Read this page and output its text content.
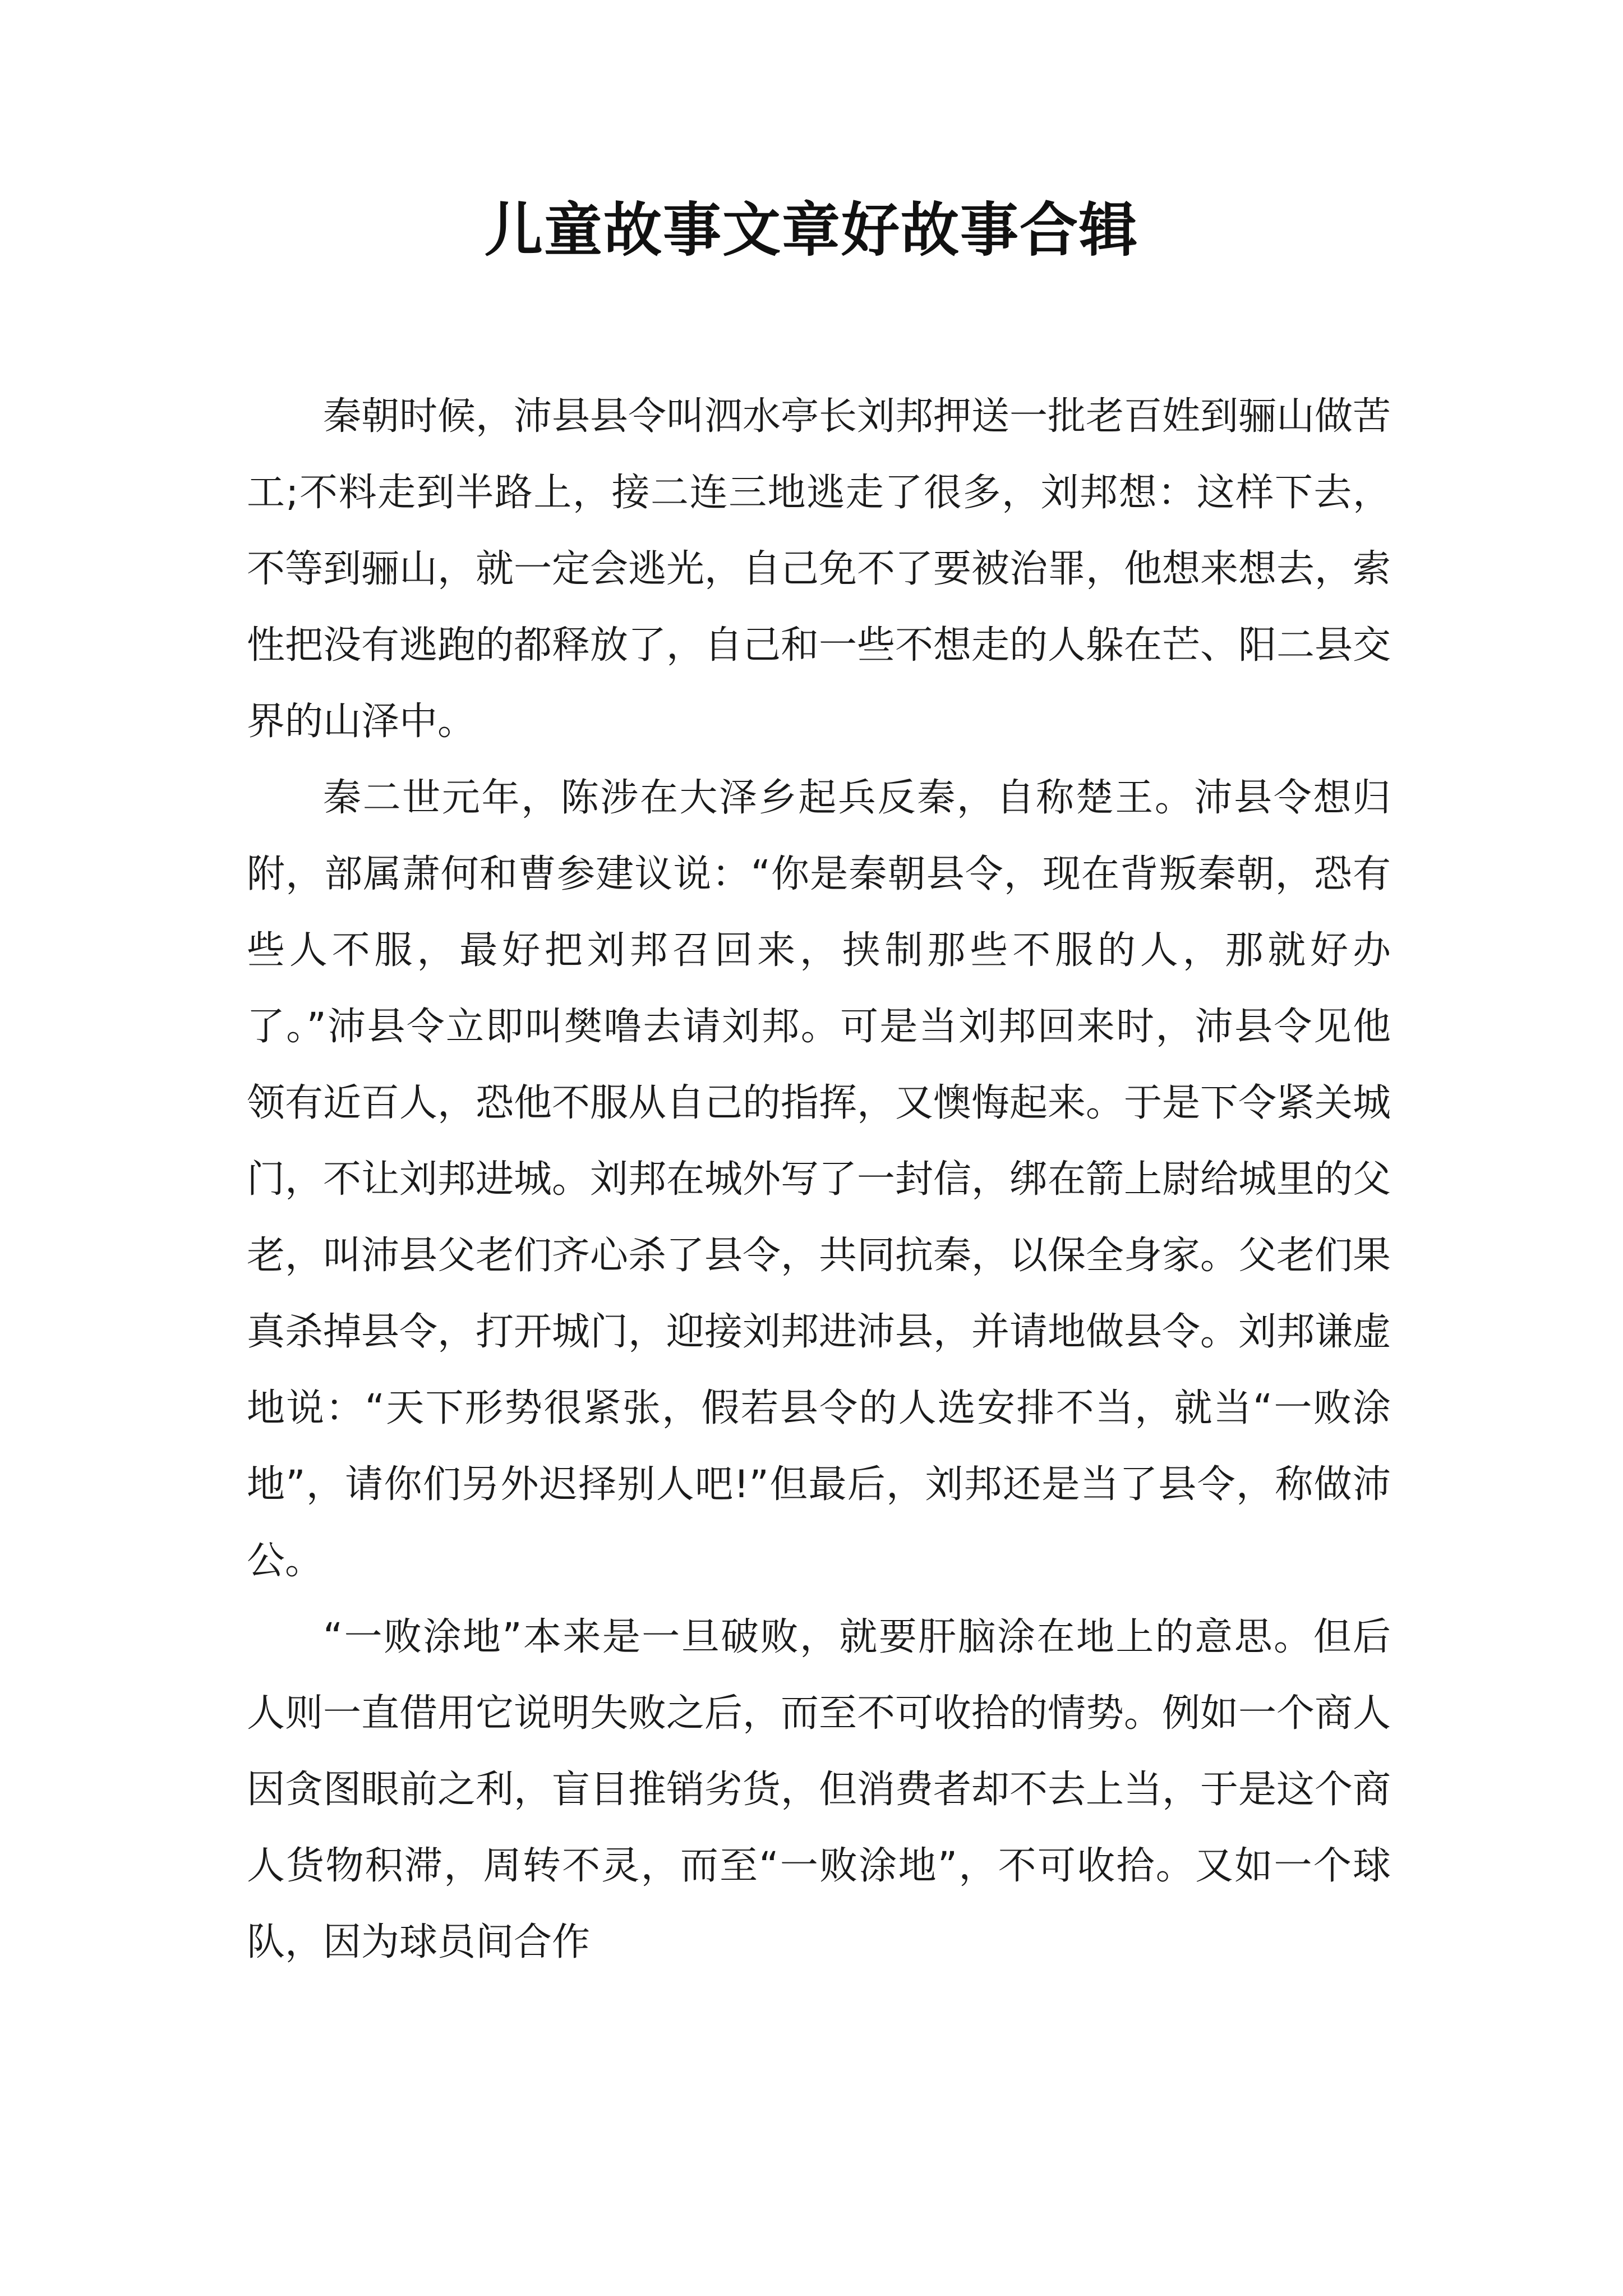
儿童故事文章好故事合辑

秦朝时候，沛县县令叫泗水亭长刘邦押送一批老百姓到骊山做苦工;不料走到半路上，接二连三地逃走了很多，刘邦想：这样下去，不等到骊山，就一定会逃光，自己免不了要被治罪，他想来想去，索性把没有逃跑的都释放了，自己和一些不想走的人躲在芒、阳二县交界的山泽中。

秦二世元年，陈涉在大泽乡起兵反秦，自称楚王。沛县令想归附，部属萧何和曹参建议说：“你是秦朝县令，现在背叛秦朝，恐有些人不服，最好把刘邦召回来，挟制那些不服的人，那就好办了。”沛县令立即叫樊噜去请刘邦。可是当刘邦回来时，沛县令见他领有近百人，恐他不服从自己的指挥，又懊悔起来。于是下令紧关城门，不让刘邦进城。刘邦在城外写了一封信，绑在箭上尉给城里的父老，叫沛县父老们齐心杀了县令，共同抗秦，以保全身家。父老们果真杀掉县令，打开城门，迎接刘邦进沛县，并请地做县令。刘邦谦虚地说：“天下形势很紧张，假若县令的人选安排不当，就当“一败涂地”，请你们另外迟择别人吧!”但最后，刘邦还是当了县令，称做沛公。

“一败涂地”本来是一旦破败，就要肝脑涂在地上的意思。但后人则一直借用它说明失败之后，而至不可收拾的情势。例如一个商人因贪图眼前之利，盲目推销劣货，但消费者却不去上当，于是这个商人货物积滞，周转不灵，而至“一败涂地”，不可收拾。又如一个球队，因为球员间合作
